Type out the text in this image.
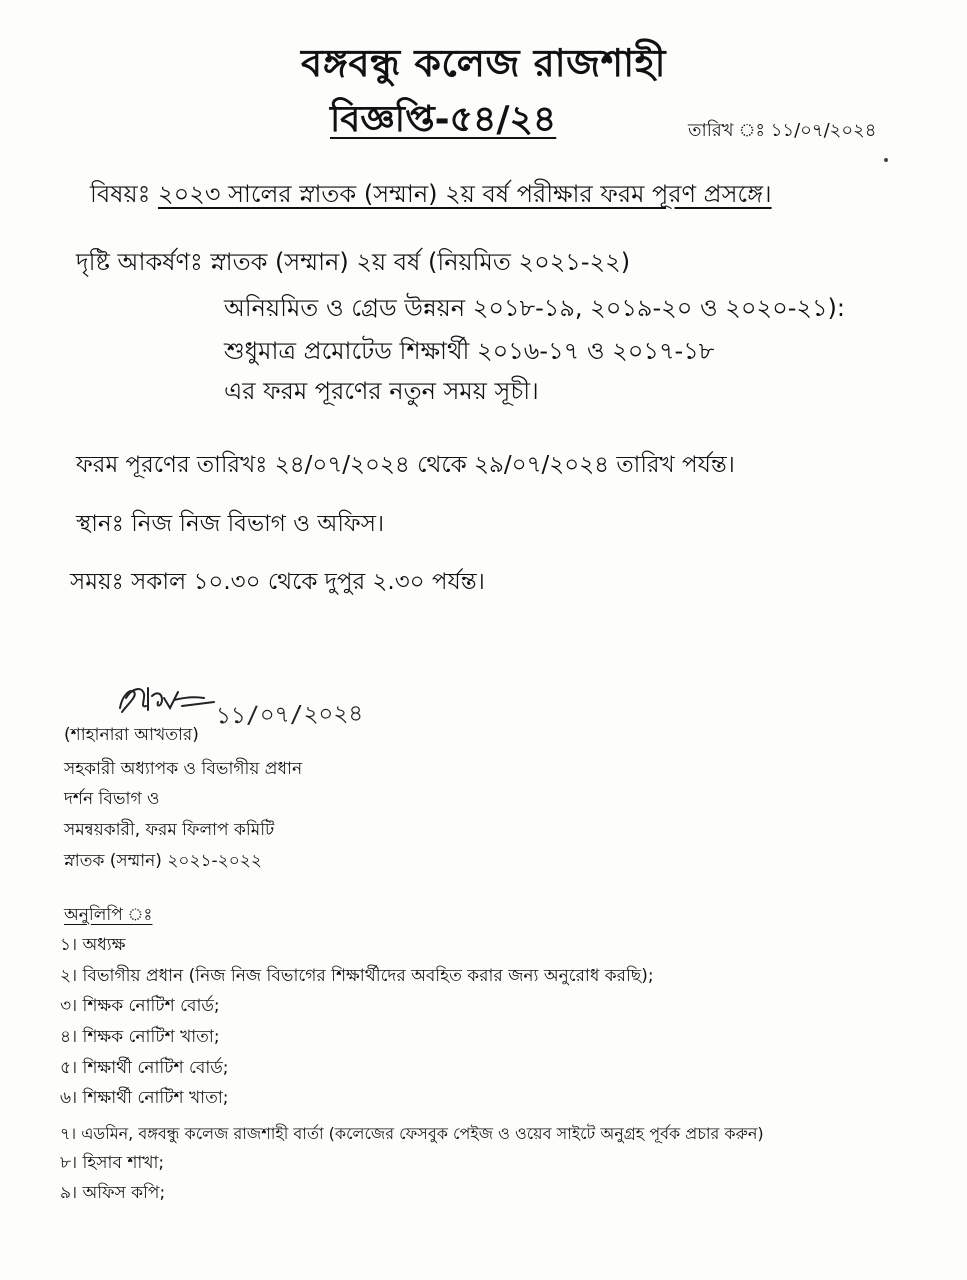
বঙ্গবন্ধু কলেজ রাজশাহী
বিজ্ঞপ্তি-৫৪/২৪	তারিখ ঃ ১১/০৭/২০২৪
বিষয়ঃ ২০২৩ সালের স্নাতক (সম্মান) ২য় বর্ষ পরীক্ষার ফরম পূরণ প্রসঙ্গে।
দৃষ্টি আকর্ষণঃ স্নাতক (সম্মান) ২য় বর্ষ (নিয়মিত ২০২১-২২)
অনিয়মিত ও গ্রেড উন্নয়ন ২০১৮-১৯, ২০১৯-২০ ও ২০২০-২১):
শুধুমাত্র প্রমোটেড শিক্ষার্থী ২০১৬-১৭ ও ২০১৭-১৮
এর ফরম পূরণের নতুন সময় সূচী।
ফরম পূরণের তারিখঃ ২৪/০৭/২০২৪ থেকে ২৯/০৭/২০২৪ তারিখ পর্যন্ত।
স্থানঃ নিজ নিজ বিভাগ ও অফিস।
সময়ঃ সকাল ১০.৩০ থেকে দুপুর ২.৩০ পর্যন্ত।
১১/০৭/২০২৪
(শাহানারা আখতার)
সহকারী অধ্যাপক ও বিভাগীয় প্রধান
দর্শন বিভাগ ও
সমন্বয়কারী, ফরম ফিলাপ কমিটি
স্নাতক (সম্মান) ২০২১-২০২২
অনুলিপি ঃ
১। অধ্যক্ষ
২। বিভাগীয় প্রধান (নিজ নিজ বিভাগের শিক্ষার্থীদের অবহিত করার জন্য অনুরোধ করছি);
৩। শিক্ষক নোটিশ বোর্ড;
৪। শিক্ষক নোটিশ খাতা;
৫। শিক্ষার্থী নোটিশ বোর্ড;
৬। শিক্ষার্থী নোটিশ খাতা;
৭। এডমিন, বঙ্গবন্ধু কলেজ রাজশাহী বার্তা (কলেজের ফেসবুক পেইজ ও ওয়েব সাইটে অনুগ্রহ পূর্বক প্রচার করুন)
৮। হিসাব শাখা;
৯। অফিস কপি;
